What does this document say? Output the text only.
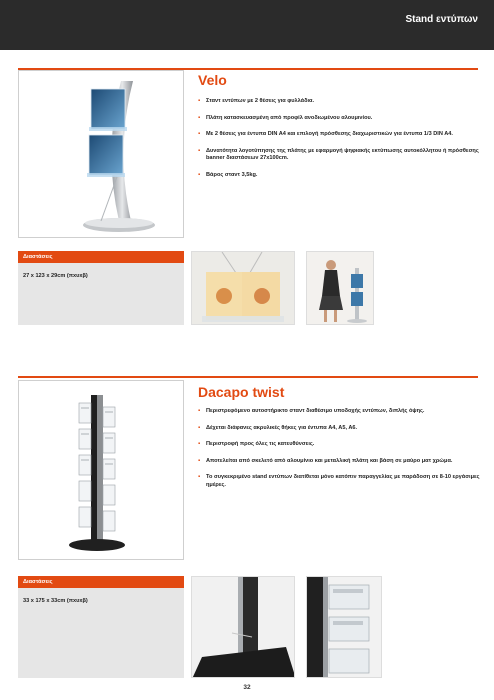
Stand εντύπων
Velo
▪ Σταντ εντύπων με 2 θέσεις για φυλλάδια.
▪ Πλάτη κατασκευασμένη από προφίλ ανοδιωμένου αλουμινίου.
▪ Με 2 θέσεις για έντυπα DIN A4 και επιλογή πρόσθεσης διαχωριστικών για έντυπα 1/3 DIN A4.
▪ Δυνατότητα λογοτύπησης της πλάτης με εφαρμογή ψηφιακής εκτύπωσης αυτοκόλλητου ή πρόσθεσης banner διαστάσεων 27x100cm.
▪ Βάρος σταντ 3,5kg.
Διαστάσεις
27 x 123 x 29cm (πxυxβ)
Dacapo twist
▪ Περιστρεφόμενο αυτοστήρικτο σταντ διαθέσιμο υποδοχής εντύπων, διπλής όψης.
▪ Δέχεται διάφανες ακρυλικές θήκες για έντυπα A4, A5, A6.
▪ Περιστροφή προς όλες τις κατευθύνσεις.
▪ Αποτελείται από σκελετό από αλουμίνιο και μεταλλική πλάτη και βάση σε μαύρο ματ χρώμα.
▪ Το συγκεκριμένο stand εντύπων διατίθεται μόνο κατόπιν παραγγελίας με παράδοση σε 8-10 εργάσιμες ημέρες.
Διαστάσεις
33 x 175 x 33cm (πxυxβ)
32
